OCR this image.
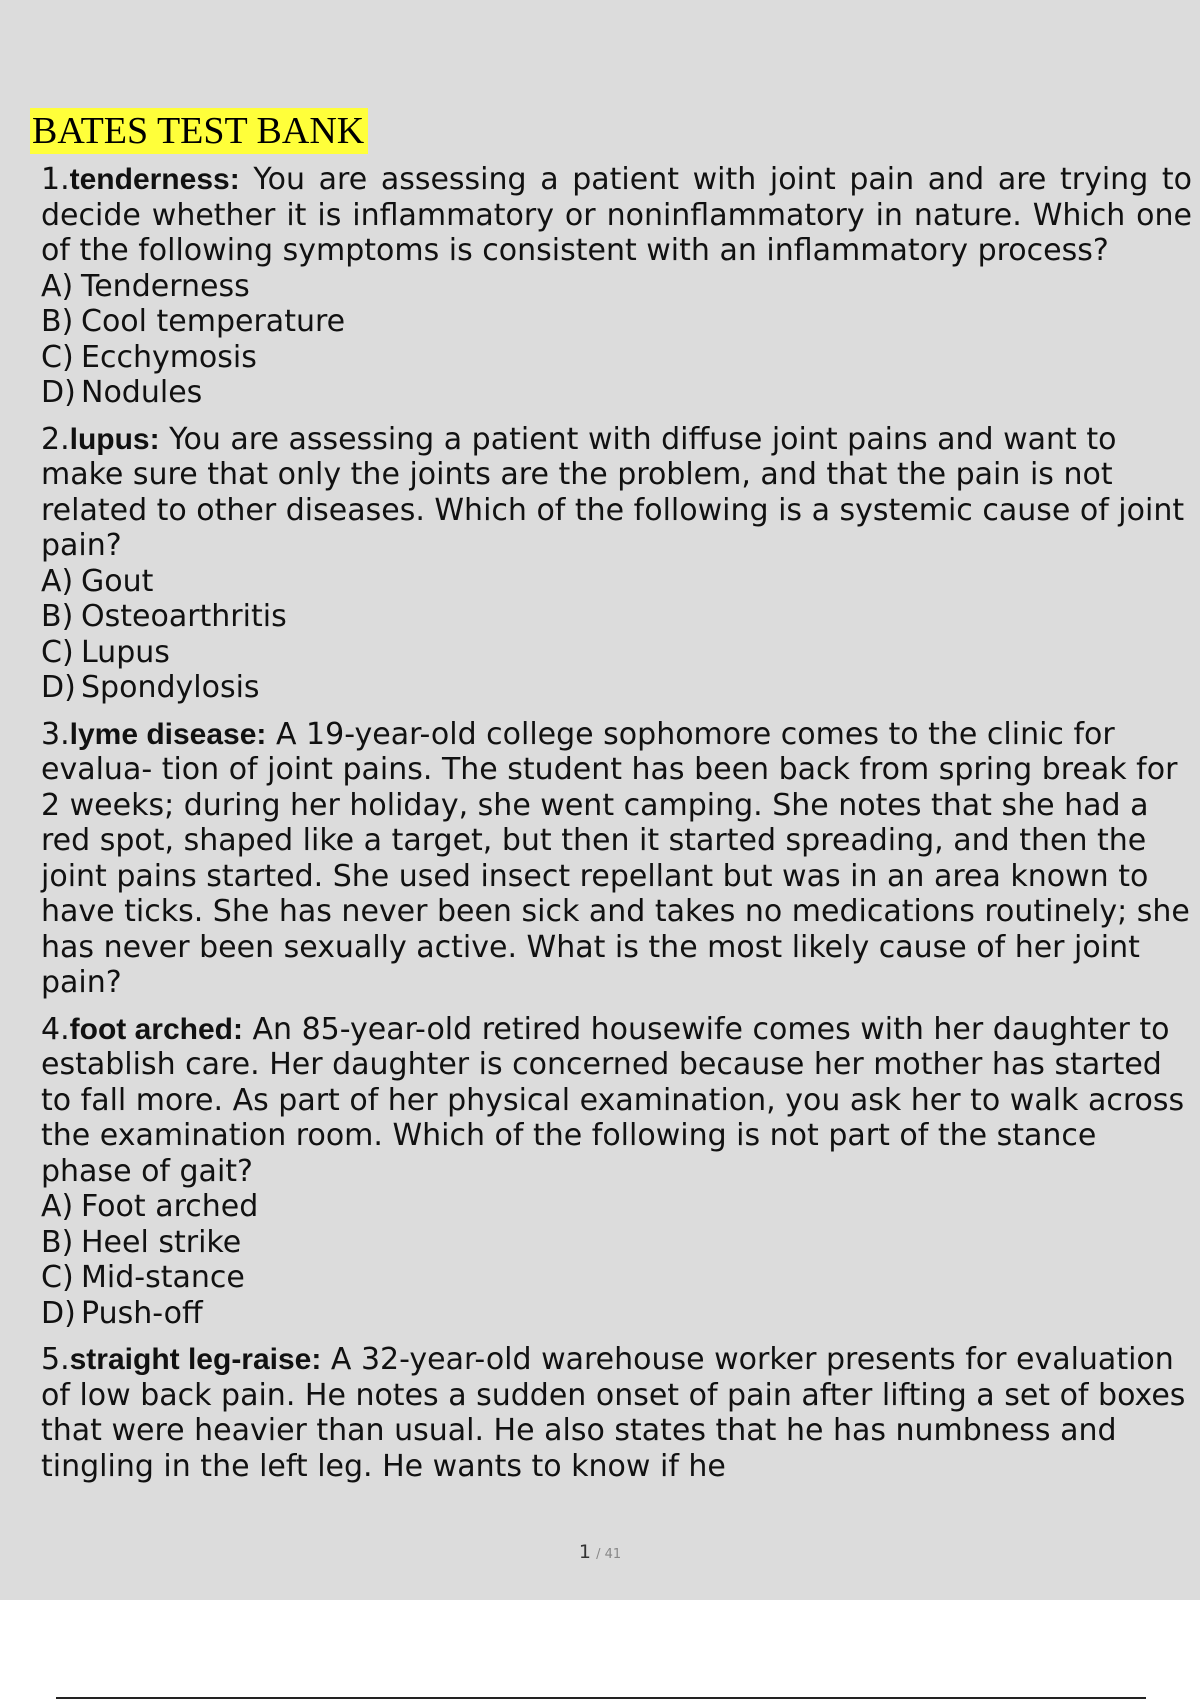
BATES TEST BANK

1.tenderness: You are assessing a patient with joint pain and are trying to decide whether it is inflammatory or noninflammatory in nature. Which one of the following symptoms is consistent with an inflammatory process?

A) Tenderness

B) Cool temperature

C) Ecchymosis

D) Nodules

2.lupus: You are assessing a patient with diffuse joint pains and want to make sure that only the joints are the problem, and that the pain is not related to other diseases. Which of the following is a systemic cause of joint pain?

A) Gout

B) Osteoarthritis

C) Lupus

D) Spondylosis

3.lyme disease: A 19-year-old college sophomore comes to the clinic for evalua- tion of joint pains. The student has been back from spring break for 2 weeks; during her holiday, she went camping. She notes that she had a red spot, shaped like a target, but then it started spreading, and then the joint pains started. She used insect repellant but was in an area known to have ticks. She has never been sick and takes no medications routinely; she has never been sexually active. What is the most likely cause of her joint pain?

4.foot arched: An 85-year-old retired housewife comes with her daughter to establish care. Her daughter is concerned because her mother has started to fall more. As part of her physical examination, you ask her to walk across the examination room. Which of the following is not part of the stance phase of gait?

A) Foot arched

B) Heel strike

C) Mid-stance

D) Push-off

5.straight leg-raise: A 32-year-old warehouse worker presents for evaluation of low back pain. He notes a sudden onset of pain after lifting a set of boxes that were heavier than usual. He also states that he has numbness and tingling in the left leg. He wants to know if he

1 / 41
